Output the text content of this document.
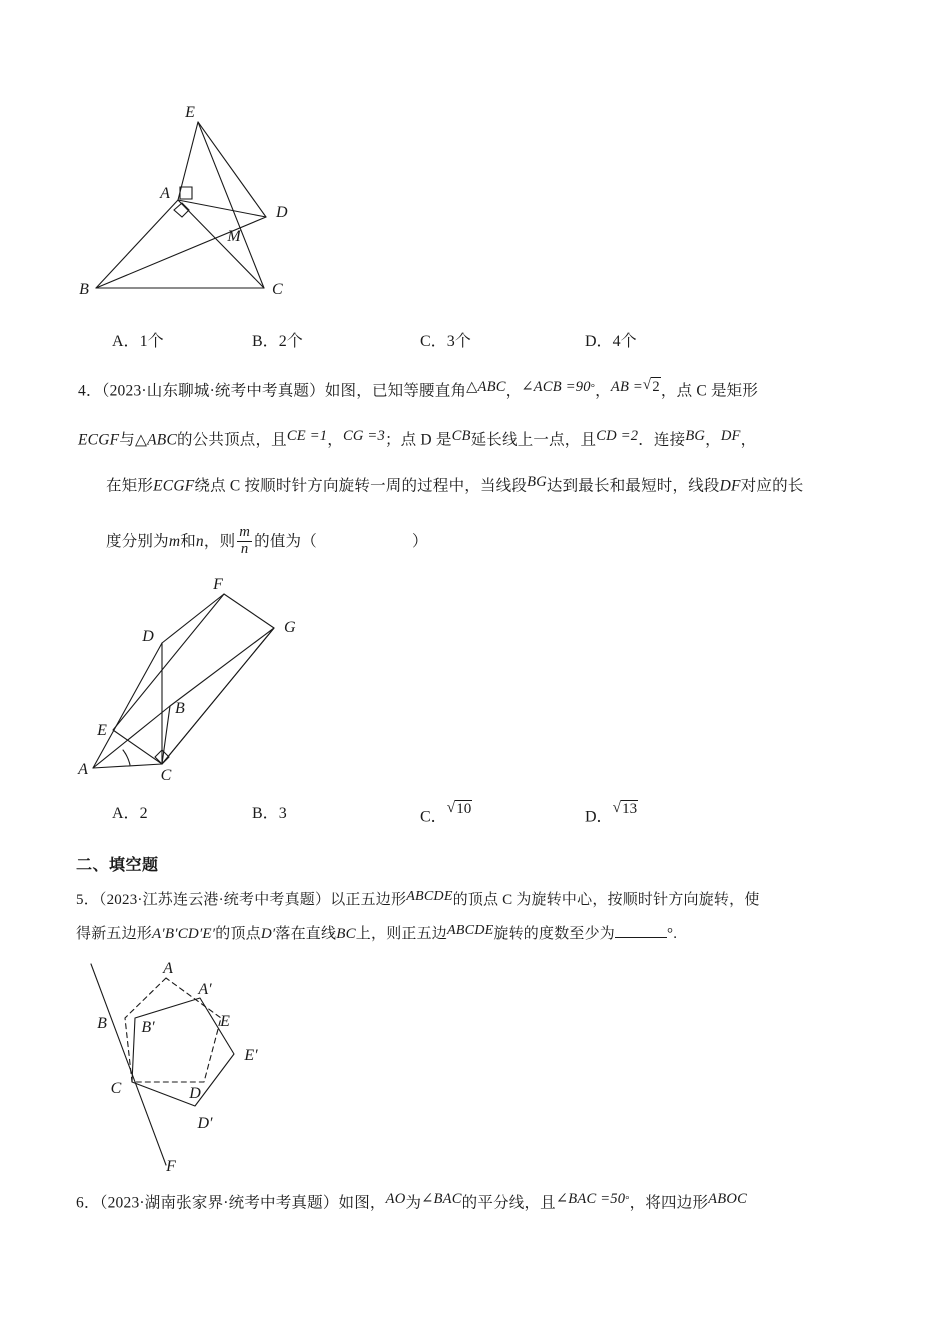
E
A
D
M
B	C
A．1个	B．2个	C．3个	D．4个
4．（2023·山东聊城·统考中考真题）如图，已知等腰直角△ABC，∠ACB =90°，AB = √ 2，点 C 是矩形
ECGF与△ABC的公共顶点，且CE =1，CG =3；点 D 是CB延长线上一点，且CD =2．连接BG，DF，
在矩形ECGF绕点 C 按顺时针方向旋转一周的过程中，当线段BG达到最长和最短时，线段DF对应的长
度分别为m和n，则 $\frac{m}{n}$ 的值为（	）
F
G
D
B
E
A	C
A．2	B．3	C． √ 10	D． √ 13
二、填空题
5．（2023·江苏连云港·统考中考真题）以正五边形ABCDE的顶点 C 为旋转中心，按顺时针方向旋转，使
得新五边形A′B′CD′E′的顶点D′落在直线BC上，则正五边ABCDE旋转的度数至少为	°.
A
A′
B B′	E
E′
C	D
D′
F
6．（2023·湖南张家界·统考中考真题）如图，AO为∠BAC的平分线，且∠BAC =50°，将四边形ABOC
